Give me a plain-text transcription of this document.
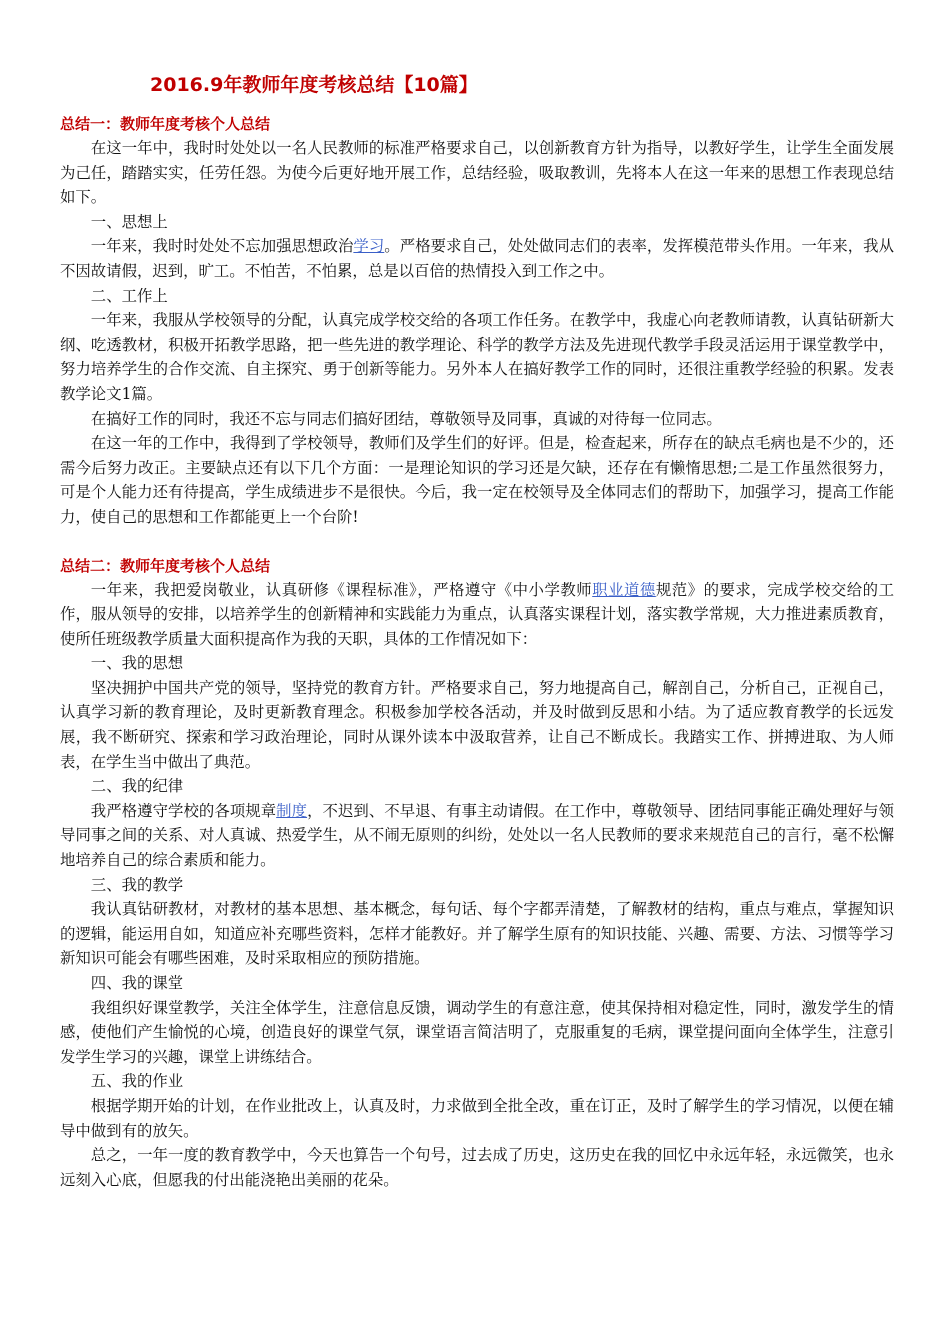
2016.9年教师年度考核总结【10篇】
总结一：教师年度考核个人总结

在这一年中，我时时处处以一名人民教师的标准严格要求自己，以创新教育方针为指导，以教好学生，让学生全面发展为己任，踏踏实实，任劳任怨。为使今后更好地开展工作，总结经验，吸取教训，先将本人在这一年来的思想工作表现总结如下。

一、思想上

一年来，我时时处处不忘加强思想政治学习。严格要求自己，处处做同志们的表率，发挥模范带头作用。一年来，我从不因故请假，迟到，旷工。不怕苦，不怕累，总是以百倍的热情投入到工作之中。

二、工作上

一年来，我服从学校领导的分配，认真完成学校交给的各项工作任务。在教学中，我虚心向老教师请教，认真钻研新大纲、吃透教材，积极开拓教学思路，把一些先进的教学理论、科学的教学方法及先进现代教学手段灵活运用于课堂教学中，努力培养学生的合作交流、自主探究、勇于创新等能力。另外本人在搞好教学工作的同时，还很注重教学经验的积累。发表教学论文1篇。

在搞好工作的同时，我还不忘与同志们搞好团结，尊敬领导及同事，真诚的对待每一位同志。

在这一年的工作中，我得到了学校领导，教师们及学生们的好评。但是，检查起来，所存在的缺点毛病也是不少的，还需今后努力改正。主要缺点还有以下几个方面：一是理论知识的学习还是欠缺，还存在有懒惰思想;二是工作虽然很努力，可是个人能力还有待提高，学生成绩进步不是很快。今后，我一定在校领导及全体同志们的帮助下，加强学习，提高工作能力，使自己的思想和工作都能更上一个台阶!

总结二：教师年度考核个人总结

一年来，我把爱岗敬业，认真研修《课程标准》，严格遵守《中小学教师职业道德规范》的要求，完成学校交给的工作，服从领导的安排，以培养学生的创新精神和实践能力为重点，认真落实课程计划，落实教学常规，大力推进素质教育，使所任班级教学质量大面积提高作为我的天职，具体的工作情况如下：

一、我的思想

坚决拥护中国共产党的领导，坚持党的教育方针。严格要求自己，努力地提高自己，解剖自己，分析自己，正视自己，认真学习新的教育理论，及时更新教育理念。积极参加学校各活动，并及时做到反思和小结。为了适应教育教学的长远发展，我不断研究、探索和学习政治理论，同时从课外读本中汲取营养，让自己不断成长。我踏实工作、拼搏进取、为人师表，在学生当中做出了典范。

二、我的纪律

我严格遵守学校的各项规章制度，不迟到、不早退、有事主动请假。在工作中，尊敬领导、团结同事能正确处理好与领导同事之间的关系、对人真诚、热爱学生，从不闹无原则的纠纷，处处以一名人民教师的要求来规范自己的言行，毫不松懈地培养自己的综合素质和能力。

三、我的教学

我认真钻研教材，对教材的基本思想、基本概念，每句话、每个字都弄清楚，了解教材的结构，重点与难点，掌握知识的逻辑，能运用自如，知道应补充哪些资料，怎样才能教好。并了解学生原有的知识技能、兴趣、需要、方法、习惯等学习新知识可能会有哪些困难，及时采取相应的预防措施。

四、我的课堂

我组织好课堂教学，关注全体学生，注意信息反馈，调动学生的有意注意，使其保持相对稳定性，同时，激发学生的情感，使他们产生愉悦的心境，创造良好的课堂气氛，课堂语言简洁明了，克服重复的毛病，课堂提问面向全体学生，注意引发学生学习的兴趣，课堂上讲练结合。

五、我的作业

根据学期开始的计划，在作业批改上，认真及时，力求做到全批全改，重在订正，及时了解学生的学习情况，以便在辅导中做到有的放矢。

总之，一年一度的教育教学中，今天也算告一个句号，过去成了历史，这历史在我的回忆中永远年轻，永远微笑，也永远刻入心底，但愿我的付出能浇艳出美丽的花朵。
